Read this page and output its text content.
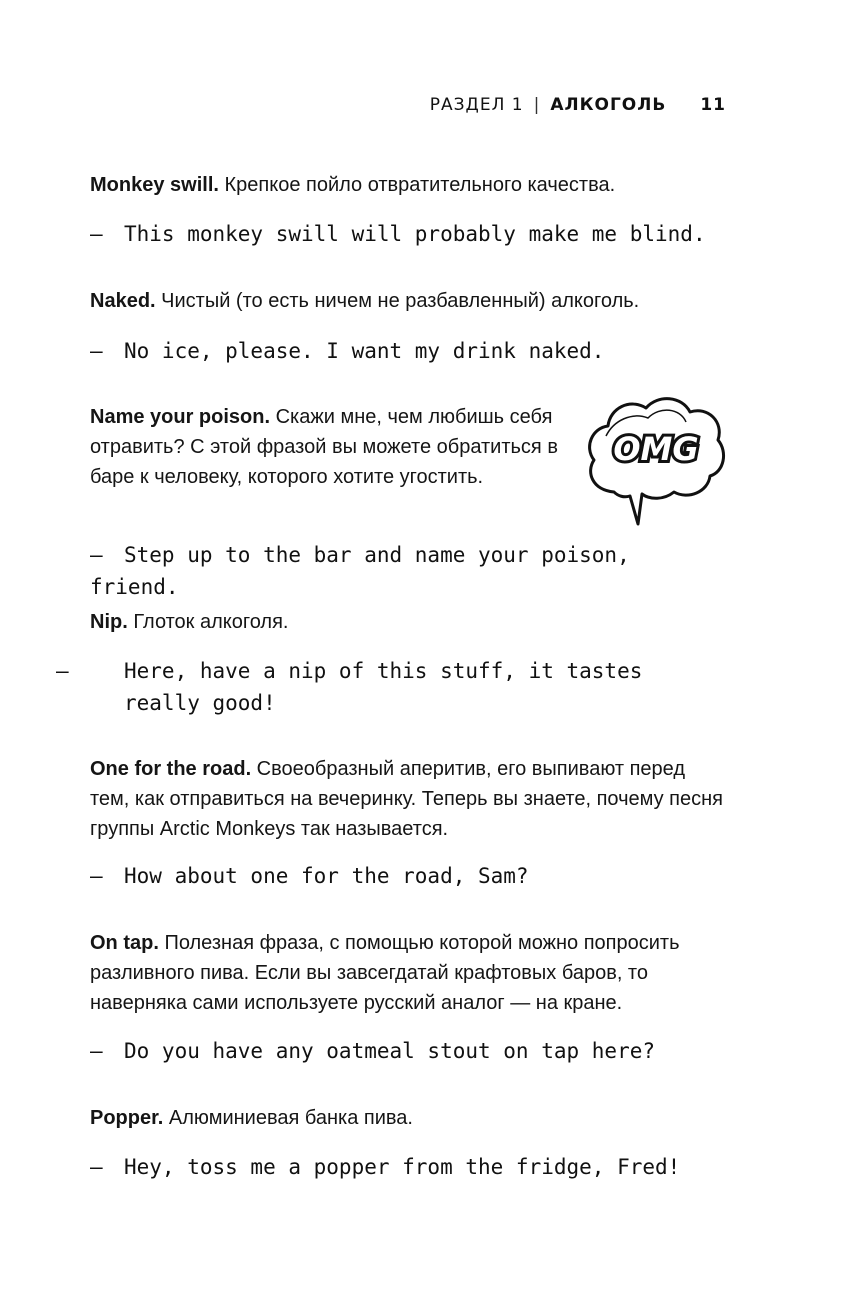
РАЗДЕЛ 1 | АЛКОГОЛЬ 11
Monkey swill. Крепкое пойло отвратительного качества.
— This monkey swill will probably make me blind.
Naked. Чистый (то есть ничем не разбавленный) алкоголь.
— No ice, please. I want my drink naked.
Name your poison. Скажи мне, чем любишь себя отравить? С этой фразой вы можете обратиться в баре к человеку, которого хотите угостить.
— Step up to the bar and name your poison, friend.
OMG
Nip. Глоток алкоголя.
—	Here, have a nip of this stuff, it tastes really good!
One for the road. Своеобразный аперитив, его выпивают перед тем, как отправиться на вечеринку. Теперь вы знаете, почему песня группы Arctic Monkeys так называется.
— How about one for the road, Sam?
On tap. Полезная фраза, с помощью которой можно попросить разливного пива. Если вы завсегдатай крафтовых баров, то наверняка сами используете русский аналог — на кране.
— Do you have any oatmeal stout on tap here?
Popper. Алюминиевая банка пива.
— Hey, toss me a popper from the fridge, Fred!
